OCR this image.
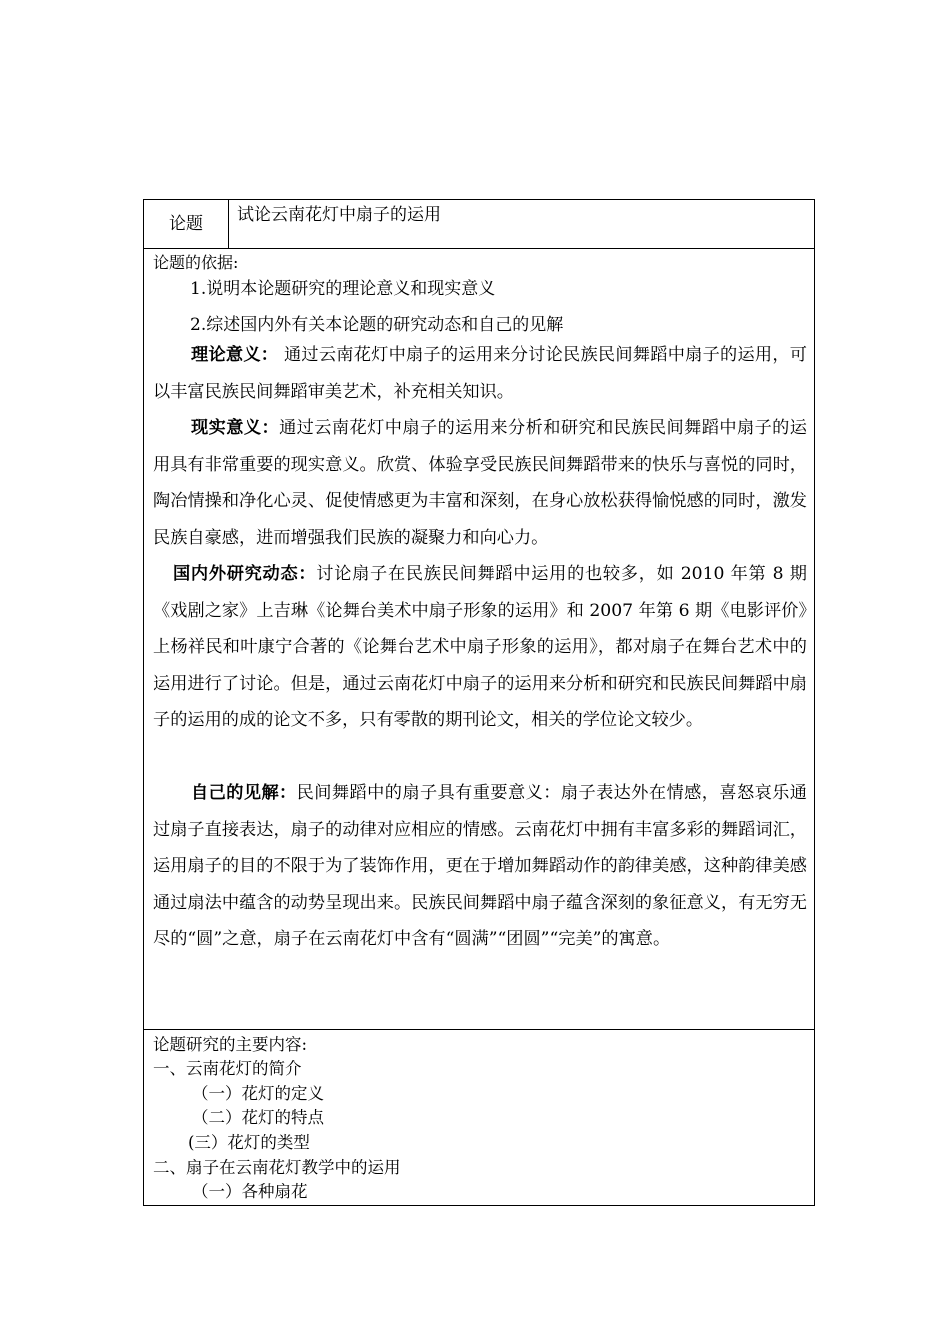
论题	试论云南花灯中扇子的运用
论题的依据:
1.说明本论题研究的理论意义和现实意义
2.综述国内外有关本论题的研究动态和自己的见解
理论意义： 通过云南花灯中扇子的运用来分讨论民族民间舞蹈中扇子的运用，可以丰富民族民间舞蹈审美艺术，补充相关知识。
现实意义：通过云南花灯中扇子的运用来分析和研究和民族民间舞蹈中扇子的运用具有非常重要的现实意义。欣赏、体验享受民族民间舞蹈带来的快乐与喜悦的同时，陶冶情操和净化心灵、促使情感更为丰富和深刻，在身心放松获得愉悦感的同时，激发民族自豪感，进而增强我们民族的凝聚力和向心力。
国内外研究动态：讨论扇子在民族民间舞蹈中运用的也较多，如 2010 年第 8 期《戏剧之家》上吉琳《论舞台美术中扇子形象的运用》和 2007 年第 6 期《电影评价》上杨祥民和叶康宁合著的《论舞台艺术中扇子形象的运用》，都对扇子在舞台艺术中的运用进行了讨论。但是，通过云南花灯中扇子的运用来分析和研究和民族民间舞蹈中扇子的运用的成的论文不多，只有零散的期刊论文，相关的学位论文较少。
自己的见解：民间舞蹈中的扇子具有重要意义：扇子表达外在情感，喜怒哀乐通过扇子直接表达，扇子的动律对应相应的情感。云南花灯中拥有丰富多彩的舞蹈词汇，运用扇子的目的不限于为了装饰作用，更在于增加舞蹈动作的韵律美感，这种韵律美感通过扇法中蕴含的动势呈现出来。民族民间舞蹈中扇子蕴含深刻的象征意义，有无穷无尽的“圆”之意，扇子在云南花灯中含有“圆满”“团圆”“完美”的寓意。
论题研究的主要内容:
一、云南花灯的简介
（一）花灯的定义
（二）花灯的特点
(三）花灯的类型
二、扇子在云南花灯教学中的运用
（一）各种扇花
